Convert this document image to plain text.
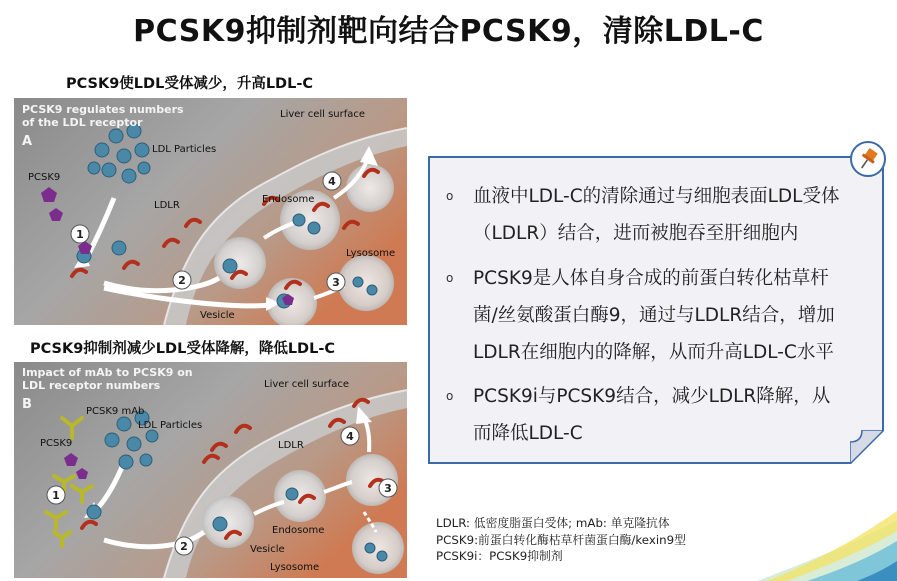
PCSK9抑制剂靶向结合PCSK9，清除LDL-C
PCSK9使LDL受体减少，升高LDL-C
1
2	3
4
PCSK9 regulates numbers
of the LDL receptor
A
Liver cell surface
LDL Particles
PCSK9
LDLR
Endosome
Lysosome
Vesicle
PCSK9抑制剂减少LDL受体降解，降低LDL-C
1
2
3
4
Impact of mAb to PCSK9 on
LDL receptor numbers
B
Liver cell surface
PCSK9 mAb
LDL Particles
PCSK9	LDLR
Endosome
Vesicle
Lysosome
o 血液中LDL-C的清除通过与细胞表面LDL受体
（LDLR）结合，进而被胞吞至肝细胞内
o PCSK9是人体自身合成的前蛋白转化枯草杆
菌/丝氨酸蛋白酶9，通过与LDLR结合，增加
LDLR在细胞内的降解，从而升高LDL-C水平
o PCSK9i与PCSK9结合，减少LDLR降解，从
而降低LDL-C
LDLR: 低密度脂蛋白受体; mAb: 单克隆抗体
PCSK9:前蛋白转化酶枯草杆菌蛋白酶/kexin9型
PCSK9i：PCSK9抑制剂
